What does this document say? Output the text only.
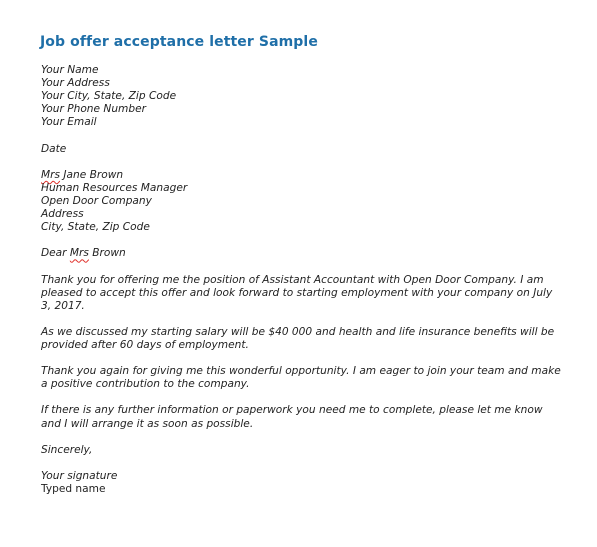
Job offer acceptance letter Sample
Your Name
Your Address
Your City, State, Zip Code
Your Phone Number
Your Email
Date
Mrs Jane Brown
Human Resources Manager
Open Door Company
Address
City, State, Zip Code
Dear Mrs Brown
Thank you for offering me the position of Assistant Accountant with Open Door Company. I am pleased to accept this offer and look forward to starting employment with your company on July 3, 2017.
As we discussed my starting salary will be $40 000 and health and life insurance benefits will be provided after 60 days of employment.
Thank you again for giving me this wonderful opportunity. I am eager to join your team and make a positive contribution to the company.
If there is any further information or paperwork you need me to complete, please let me know and I will arrange it as soon as possible.
Sincerely,
Your signature
Typed name
